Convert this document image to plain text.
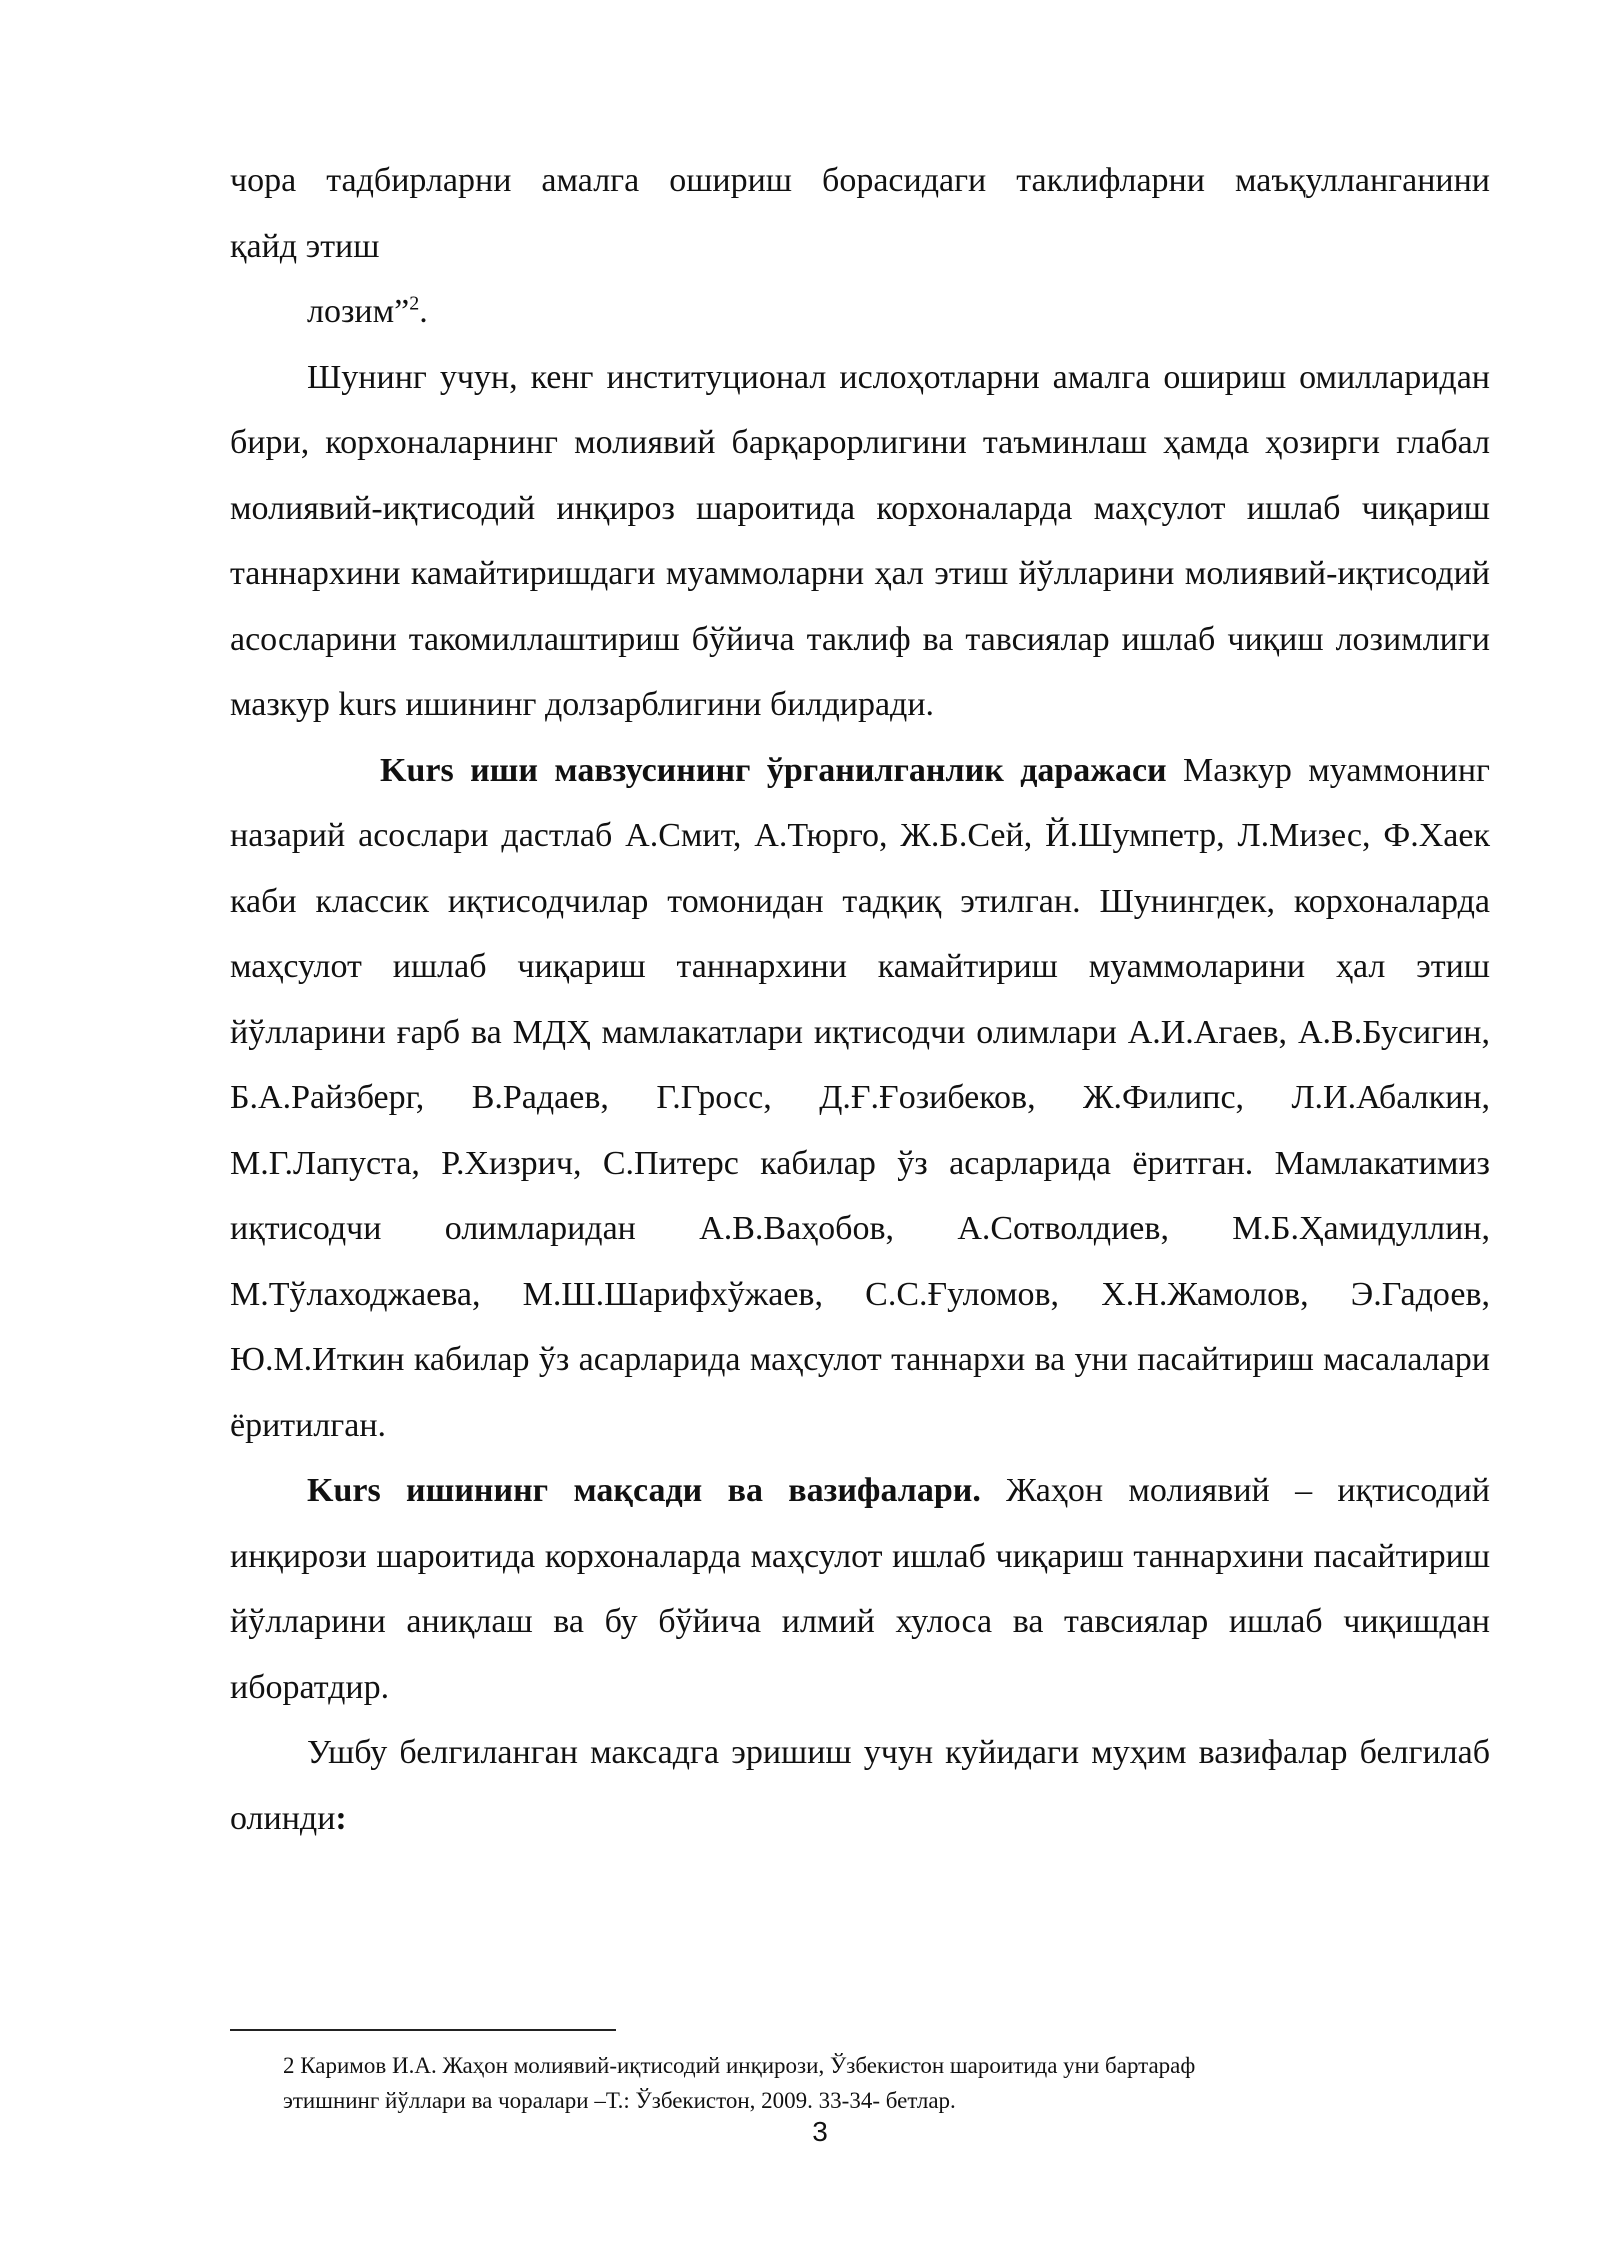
чора тадбирларни амалга ошириш борасидаги таклифларни маъқулланганини

қайд этиш

лозим”$^2$.

Шунинг учун, кенг институционал ислоҳотларни амалга ошириш омилларидан бири, корхоналарнинг молиявий барқарорлигини таъминлаш ҳамда ҳозирги глабал молиявий-иқтисодий инқироз шароитида корхоналарда маҳсулот ишлаб чиқариш таннархини камайтиришдаги муаммоларни ҳал этиш йўлларини молиявий-иқтисодий асосларини такомиллаштириш бўйича таклиф ва тавсиялар ишлаб чиқиш лозимлиги мазкур kurs ишининг долзарблигини билдиради.

Kurs иши мавзусининг ўрганилганлик даражаси Мазкур муаммонинг назарий асослари дастлаб А.Смит, А.Тюрго, Ж.Б.Сей, Й.Шумпетр, Л.Мизес, Ф.Хаек каби классик иқтисодчилар томонидан тадқиқ этилган. Шунингдек, корхоналарда маҳсулот ишлаб чиқариш таннархини камайтириш муаммоларини ҳал этиш йўлларини ғарб ва МДҲ мамлакатлари иқтисодчи олимлари А.И.Агаев, А.В.Бусигин, Б.А.Райзберг, В.Радаев, Г.Гросс, Д.Ғ.Ғозибеков, Ж.Филипс, Л.И.Абалкин, М.Г.Лапуста, Р.Хизрич, С.Питерс кабилар ўз асарларида ёритган. Мамлакатимиз иқтисодчи олимларидан А.В.Ваҳобов, А.Сотволдиев, М.Б.Ҳамидуллин, М.Тўлаходжаева, М.Ш.Шарифхўжаев, С.С.Ғуломов, Х.Н.Жамолов, Э.Гадоев, Ю.М.Иткин кабилар ўз асарларида маҳсулот таннархи ва уни пасайтириш масалалари ёритилган.

Kurs ишининг мақсади ва вазифалари. Жаҳон молиявий – иқтисодий инқирози шароитида корхоналарда маҳсулот ишлаб чиқариш таннархини пасайтириш йўлларини аниқлаш ва бу бўйича илмий хулоса ва тавсиялар ишлаб чиқишдан иборатдир.

Ушбу белгиланган максадга эришиш учун куйидаги муҳим вазифалар белгилаб олинди:

2 Каримов И.А. Жаҳон молиявий-иқтисодий инқирози, Ўзбекистон шароитида уни бартараф
этишнинг йўллари ва чоралари –Т.: Ўзбекистон, 2009. 33-34- бетлар.
3
